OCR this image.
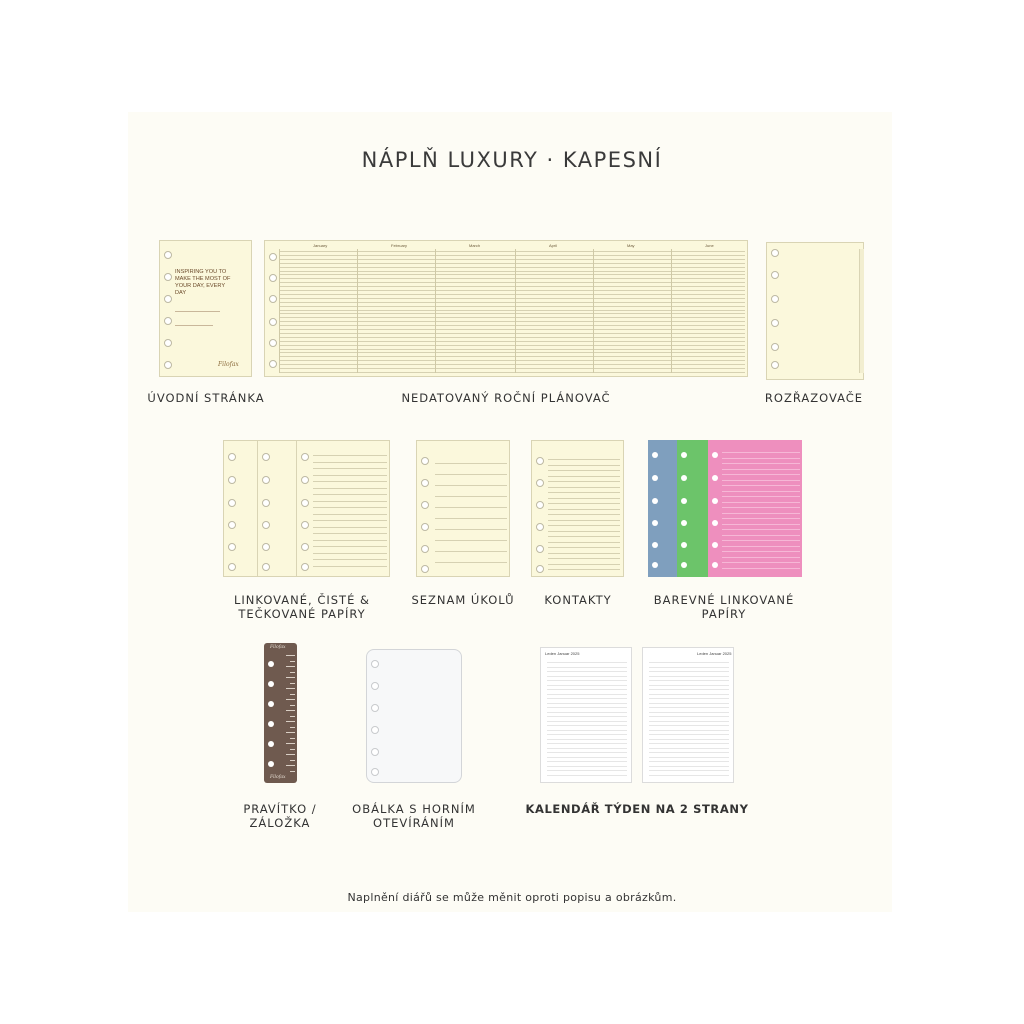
NÁPLŇ LUXURY · KAPESNÍ
INSPIRING YOU TO MAKE THE MOST OF YOUR DAY, EVERY DAY
Filofax
ÚVODNÍ STRÁNKA
January	February	March	April	May	June
NEDATOVANÝ ROČNÍ PLÁNOVAČ	ROZŘAZOVAČE
LINKOVANÉ, ČISTÉ &
TEČKOVANÉ PAPÍRY
SEZNAM ÚKOLŮ	KONTAKTY	BAREVNÉ LINKOVANÉ
PAPÍRY
Filofax
Filofax
PRAVÍTKO /
ZÁLOŽKA
OBÁLKA S HORNÍM
OTEVÍRÁNÍM
Leden Januar 2025	Leden Januar 2025
KALENDÁŘ TÝDEN NA 2 STRANY
Naplnění diářů se může měnit oproti popisu a obrázkům.
